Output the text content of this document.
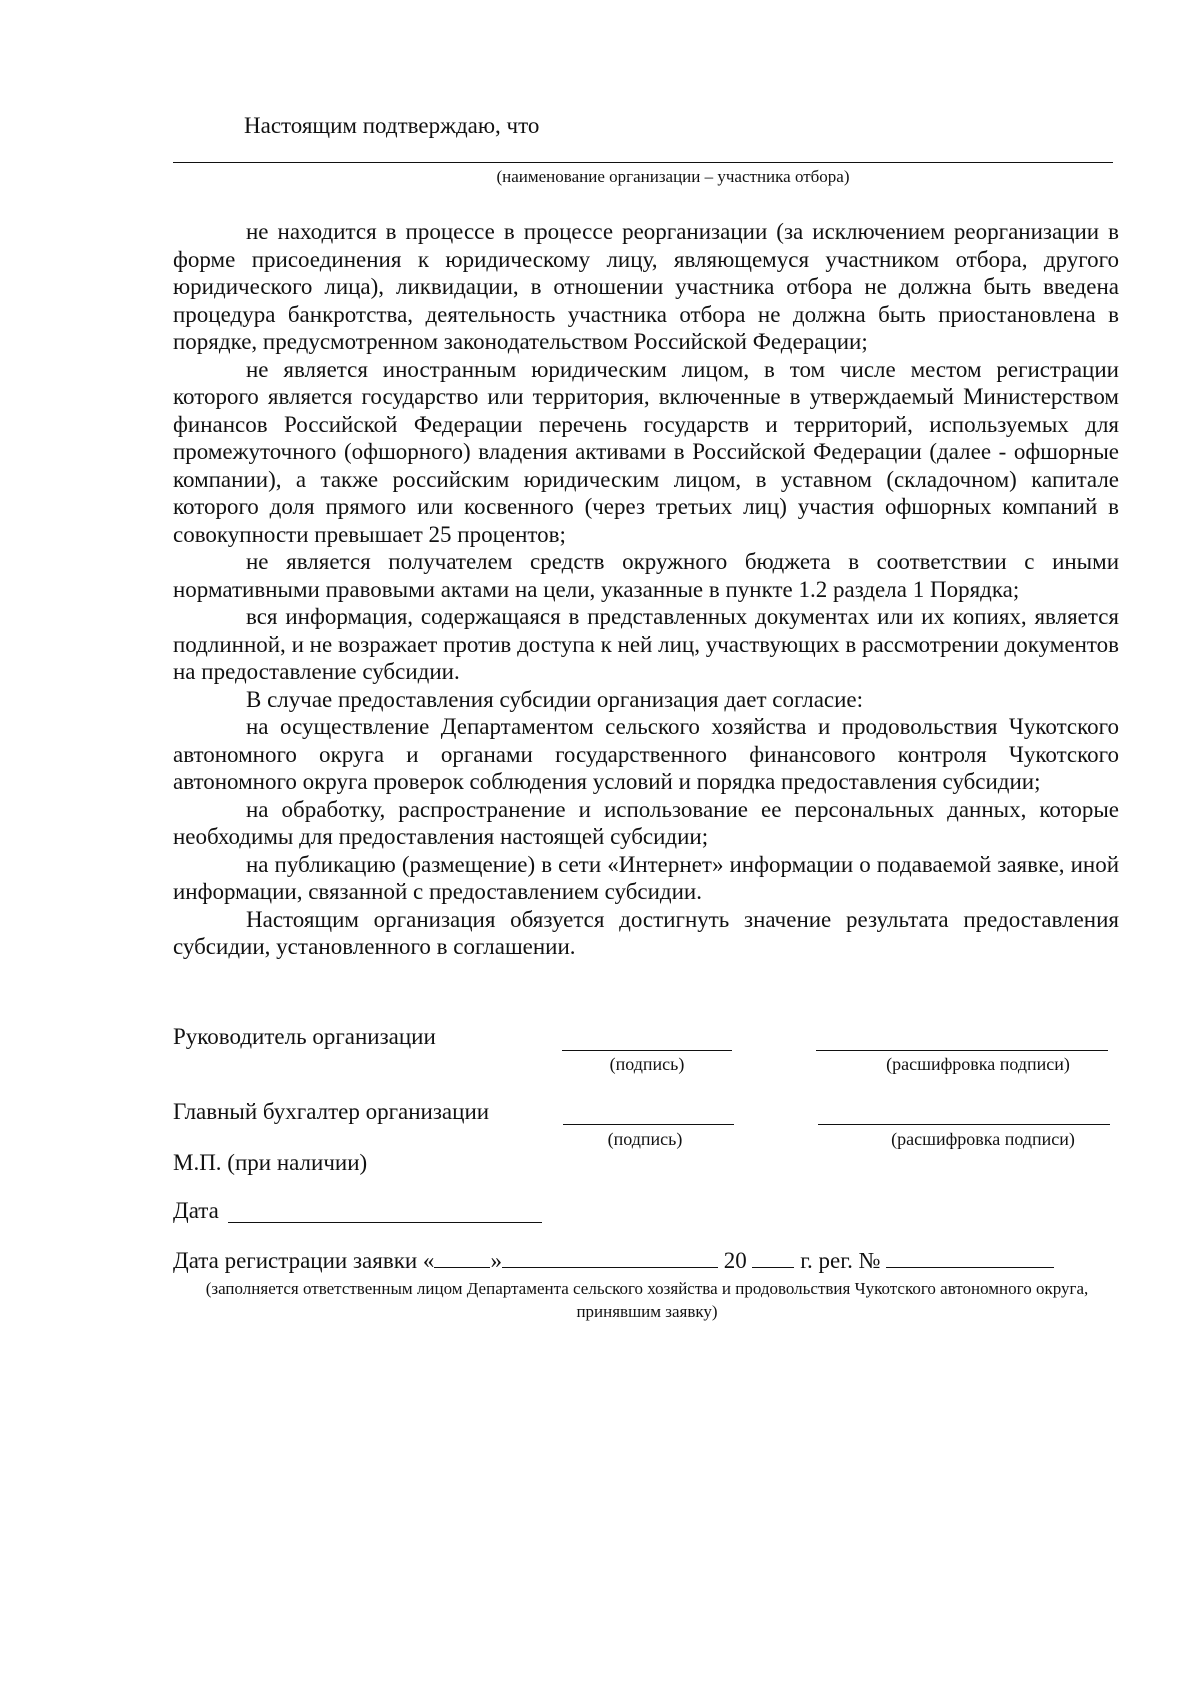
Настоящим подтверждаю, что
(наименование организации – участника отбора)

не находится в процессе в процессе реорганизации (за исключением реорганизации в форме присоединения к юридическому лицу, являющемуся участником отбора, другого юридического лица), ликвидации, в отношении участника отбора не должна быть введена процедура банкротства, деятельность участника отбора не должна быть приостановлена в порядке, предусмотренном законодательством Российской Федерации;

не является иностранным юридическим лицом, в том числе местом регистрации которого является государство или территория, включенные в утверждаемый Министерством финансов Российской Федерации перечень государств и территорий, используемых для промежуточного (офшорного) владения активами в Российской Федерации (далее - офшорные компании), а также российским юридическим лицом, в уставном (складочном) капитале которого доля прямого или косвенного (через третьих лиц) участия офшорных компаний в совокупности превышает 25 процентов;

не является получателем средств окружного бюджета в соответствии с иными нормативными правовыми актами на цели, указанные в пункте 1.2 раздела 1 Порядка;

вся информация, содержащаяся в представленных документах или их копиях, является подлинной, и не возражает против доступа к ней лиц, участвующих в рассмотрении документов на предоставление субсидии.

В случае предоставления субсидии организация дает согласие:

на осуществление Департаментом сельского хозяйства и продовольствия Чукотского автономного округа и органами государственного финансового контроля Чукотского автономного округа проверок соблюдения условий и порядка предоставления субсидии;

на обработку, распространение и использование ее персональных данных, которые необходимы для предоставления настоящей субсидии;

на публикацию (размещение) в сети «Интернет» информации о подаваемой заявке, иной информации, связанной с предоставлением субсидии.

Настоящим организация обязуется достигнуть значение результата предоставления субсидии, установленного в соглашении.

Руководитель организации
(подпись)	(расшифровка подписи)
Главный бухгалтер организации
(подпись)	(расшифровка подписи)
М.П. (при наличии)
Дата
Дата регистрации заявки « »	20  г. рег. №
(заполняется ответственным лицом Департамента сельского хозяйства и продовольствия Чукотского автономного округа, принявшим заявку)
